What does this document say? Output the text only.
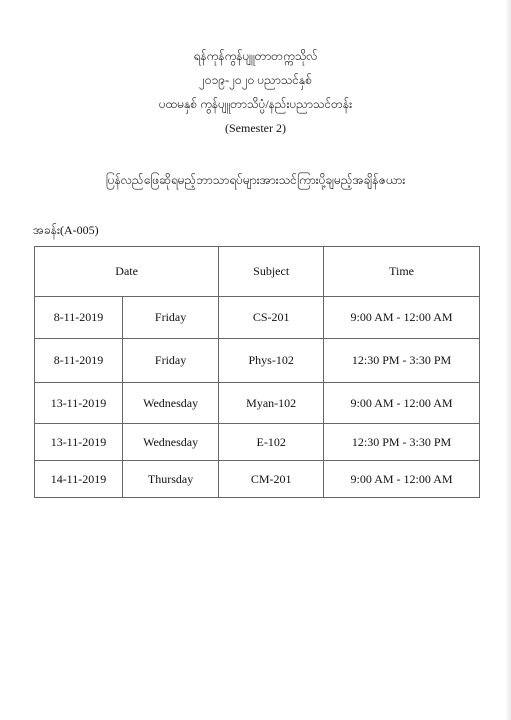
ရန်ကုန်ကွန်ပျူတာတက္ကသိုလ်
၂၀၁၉-၂၀၂၀ ပညာသင်နှစ်
ပထမနှစ် ကွန်ပျူတာသိပ္ပံ/နည်းပညာသင်တန်း
(Semester 2)
ပြန်လည်ဖြေဆိုရမည့်ဘာသာရပ်များအားသင်ကြားပို့ချမည့်အချိန်ဇယား
အခန်း(A-005)
Date		Subject	Time
8-11-2019	Friday	CS-201	9:00 AM - 12:00 AM
8-11-2019	Friday	Phys-102	12:30 PM - 3:30 PM
13-11-2019	Wednesday	Myan-102	9:00 AM - 12:00 AM
13-11-2019	Wednesday	E-102	12:30 PM - 3:30 PM
14-11-2019	Thursday	CM-201	9:00 AM - 12:00 AM
